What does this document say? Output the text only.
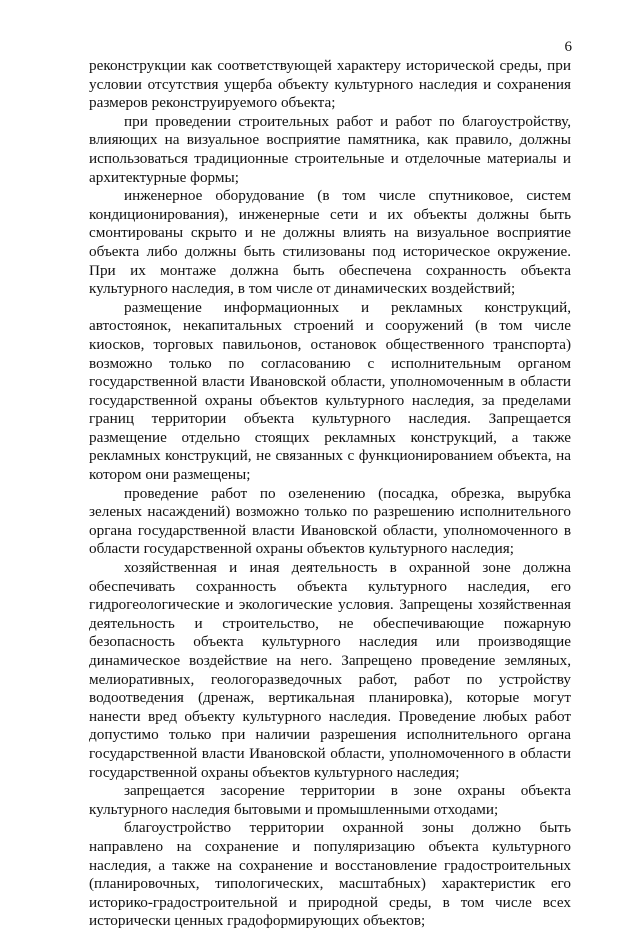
6

реконструкции как соответствующей характеру исторической среды, при условии отсутствия ущерба объекту культурного наследия и сохранения размеров реконструируемого объекта;

при проведении строительных работ и работ по благоустройству, влияющих на визуальное восприятие памятника, как правило, должны использоваться традиционные строительные и отделочные материалы и архитектурные формы;

инженерное оборудование (в том числе спутниковое, систем кондиционирования), инженерные сети и их объекты должны быть смонтированы скрыто и не должны влиять на визуальное восприятие объекта либо должны быть стилизованы под историческое окружение. При их монтаже должна быть обеспечена сохранность объекта культурного наследия, в том числе от динамических воздействий;

размещение информационных и рекламных конструкций, автостоянок, некапитальных строений и сооружений (в том числе киосков, торговых павильонов, остановок общественного транспорта) возможно только по согласованию с исполнительным органом государственной власти Ивановской области, уполномоченным в области государственной охраны объектов культурного наследия, за пределами границ территории объекта культурного наследия. Запрещается размещение отдельно стоящих рекламных конструкций, а также рекламных конструкций, не связанных с функционированием объекта, на котором они размещены;

проведение работ по озеленению (посадка, обрезка, вырубка зеленых насаждений) возможно только по разрешению исполнительного органа государственной власти Ивановской области, уполномоченного в области государственной охраны объектов культурного наследия;

хозяйственная и иная деятельность в охранной зоне должна обеспечивать сохранность объекта культурного наследия, его гидрогеологические и экологические условия. Запрещены хозяйственная деятельность и строительство, не обеспечивающие пожарную безопасность объекта культурного наследия или производящие динамическое воздействие на него. Запрещено проведение земляных, мелиоративных, геологоразведочных работ, работ по устройству водоотведения (дренаж, вертикальная планировка), которые могут нанести вред объекту культурного наследия. Проведение любых работ допустимо только при наличии разрешения исполнительного органа государственной власти Ивановской области, уполномоченного в области государственной охраны объектов культурного наследия;

запрещается засорение территории в зоне охраны объекта культурного наследия бытовыми и промышленными отходами;

благоустройство территории охранной зоны должно быть направлено на сохранение и популяризацию объекта культурного наследия, а также на сохранение и восстановление градостроительных (планировочных, типологических, масштабных) характеристик его историко-градостроительной и природной среды, в том числе всех исторически ценных градоформирующих объектов;
